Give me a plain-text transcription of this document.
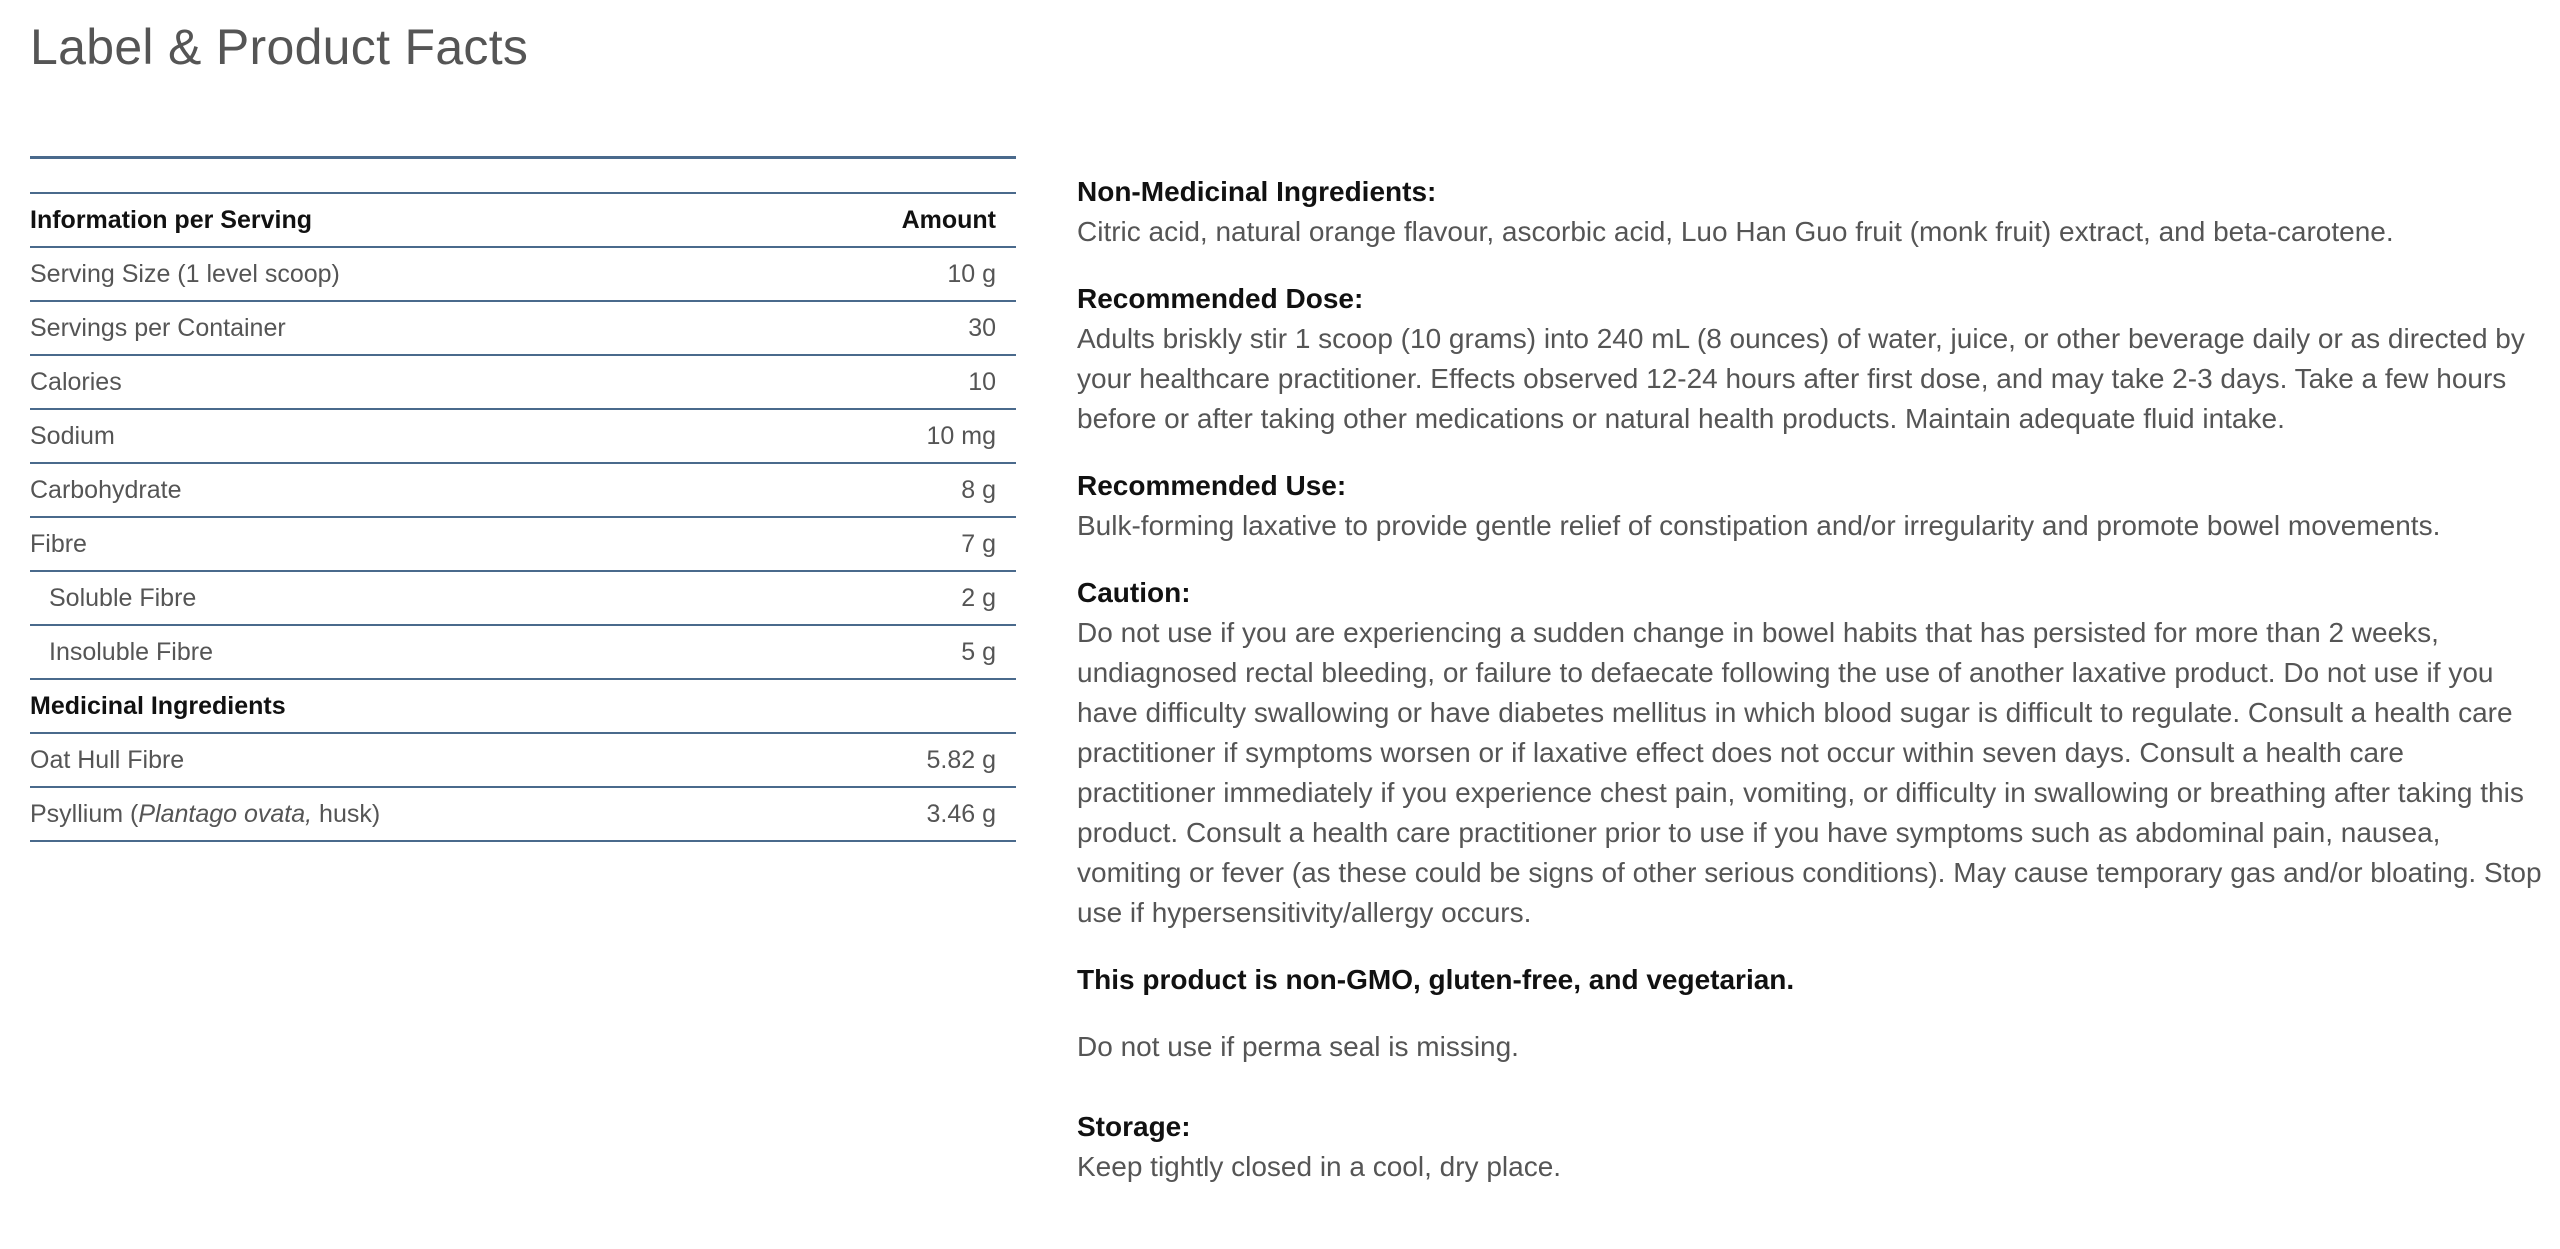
Label & Product Facts
Information per Serving	Amount
Serving Size (1 level scoop)	10 g
Servings per Container	30
Calories	10
Sodium	10 mg
Carbohydrate	8 g
Fibre	7 g
Soluble Fibre	2 g
Insoluble Fibre	5 g
Medicinal Ingredients	
Oat Hull Fibre	5.82 g
Psyllium (Plantago ovata, husk)	3.46 g
Non-Medicinal Ingredients:
Citric acid, natural orange flavour, ascorbic acid, Luo Han Guo fruit (monk fruit) extract, and beta-carotene.
Recommended Dose:
Adults briskly stir 1 scoop (10 grams) into 240 mL (8 ounces) of water, juice, or other beverage daily or as directed by your healthcare practitioner. Effects observed 12-24 hours after first dose, and may take 2-3 days. Take a few hours before or after taking other medications or natural health products. Maintain adequate fluid intake.
Recommended Use:
Bulk-forming laxative to provide gentle relief of constipation and/or irregularity and promote bowel movements.
Caution:
Do not use if you are experiencing a sudden change in bowel habits that has persisted for more than 2 weeks, undiagnosed rectal bleeding, or failure to defaecate following the use of another laxative product. Do not use if you have difficulty swallowing or have diabetes mellitus in which blood sugar is difficult to regulate. Consult a health care practitioner if symptoms worsen or if laxative effect does not occur within seven days. Consult a health care practitioner immediately if you experience chest pain, vomiting, or difficulty in swallowing or breathing after taking this product. Consult a health care practitioner prior to use if you have symptoms such as abdominal pain, nausea, vomiting or fever (as these could be signs of other serious conditions). May cause temporary gas and/or bloating. Stop use if hypersensitivity/allergy occurs.
This product is non-GMO, gluten-free, and vegetarian.
Do not use if perma seal is missing.
Storage:
Keep tightly closed in a cool, dry place.
